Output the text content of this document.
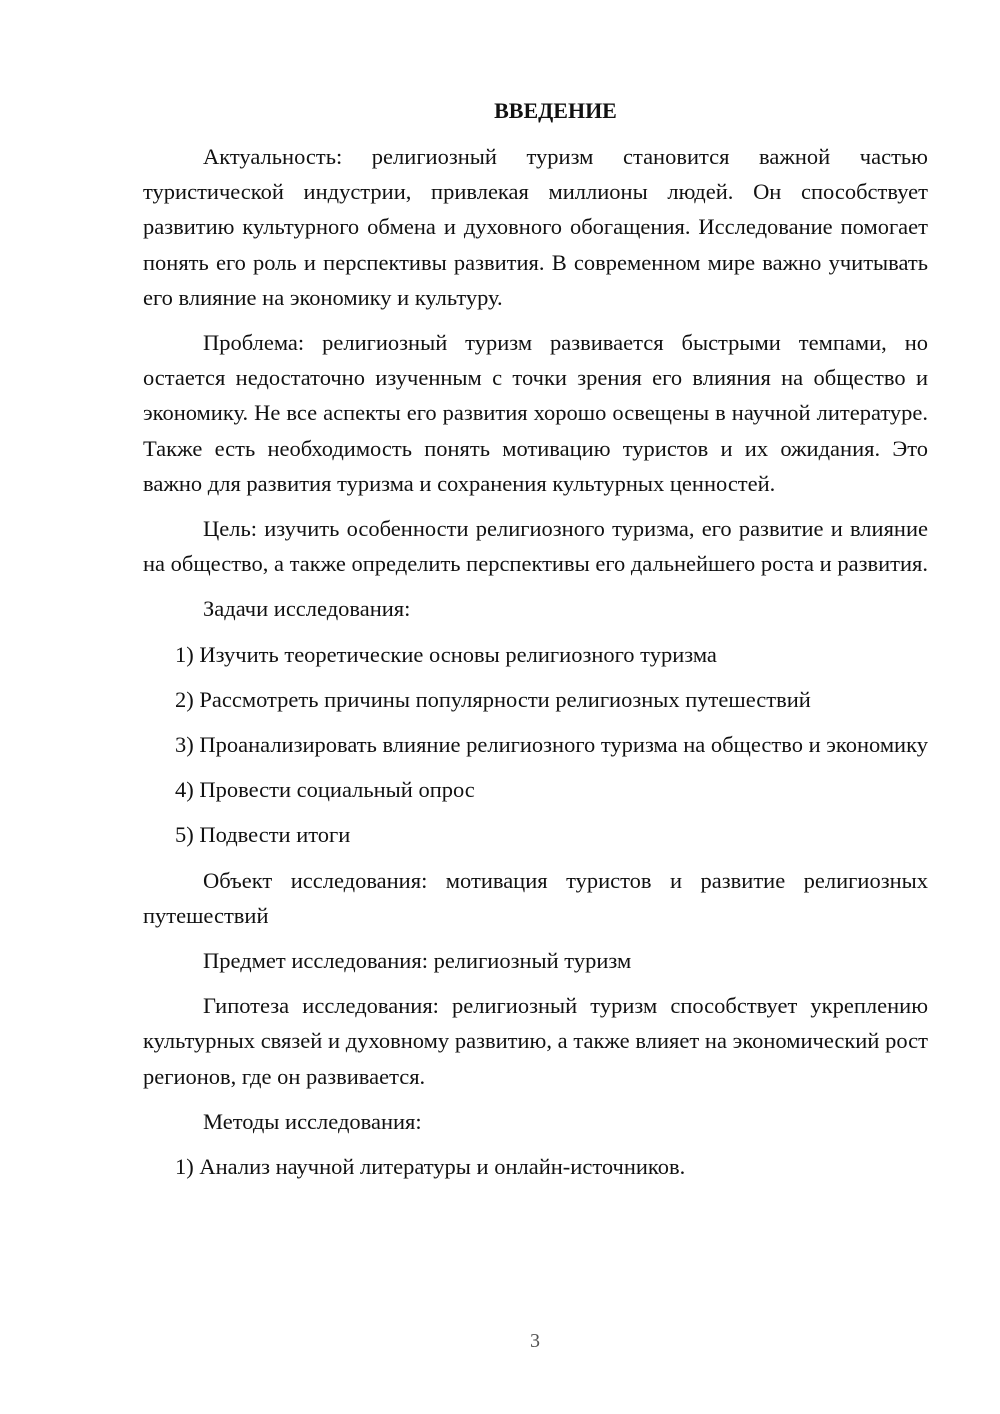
ВВЕДЕНИЕ

Актуальность: религиозный туризм становится важной частью туристической индустрии, привлекая миллионы людей. Он способствует развитию культурного обмена и духовного обогащения. Исследование помогает понять его роль и перспективы развития. В современном мире важно учитывать его влияние на экономику и культуру.

Проблема: религиозный туризм развивается быстрыми темпами, но остается недостаточно изученным с точки зрения его влияния на общество и экономику. Не все аспекты его развития хорошо освещены в научной литературе. Также есть необходимость понять мотивацию туристов и их ожидания. Это важно для развития туризма и сохранения культурных ценностей.

Цель: изучить особенности религиозного туризма, его развитие и влияние на общество, а также определить перспективы его дальнейшего роста и развития.

Задачи исследования:

1) Изучить теоретические основы религиозного туризма

2) Рассмотреть причины популярности религиозных путешествий

3) Проанализировать влияние религиозного туризма на общество и экономику

4) Провести социальный опрос

5) Подвести итоги

Объект исследования: мотивация туристов и развитие религиозных путешествий

Предмет исследования: религиозный туризм

Гипотеза исследования: религиозный туризм способствует укреплению культурных связей и духовному развитию, а также влияет на экономический рост регионов, где он развивается.

Методы исследования:

1) Анализ научной литературы и онлайн-источников.

3
